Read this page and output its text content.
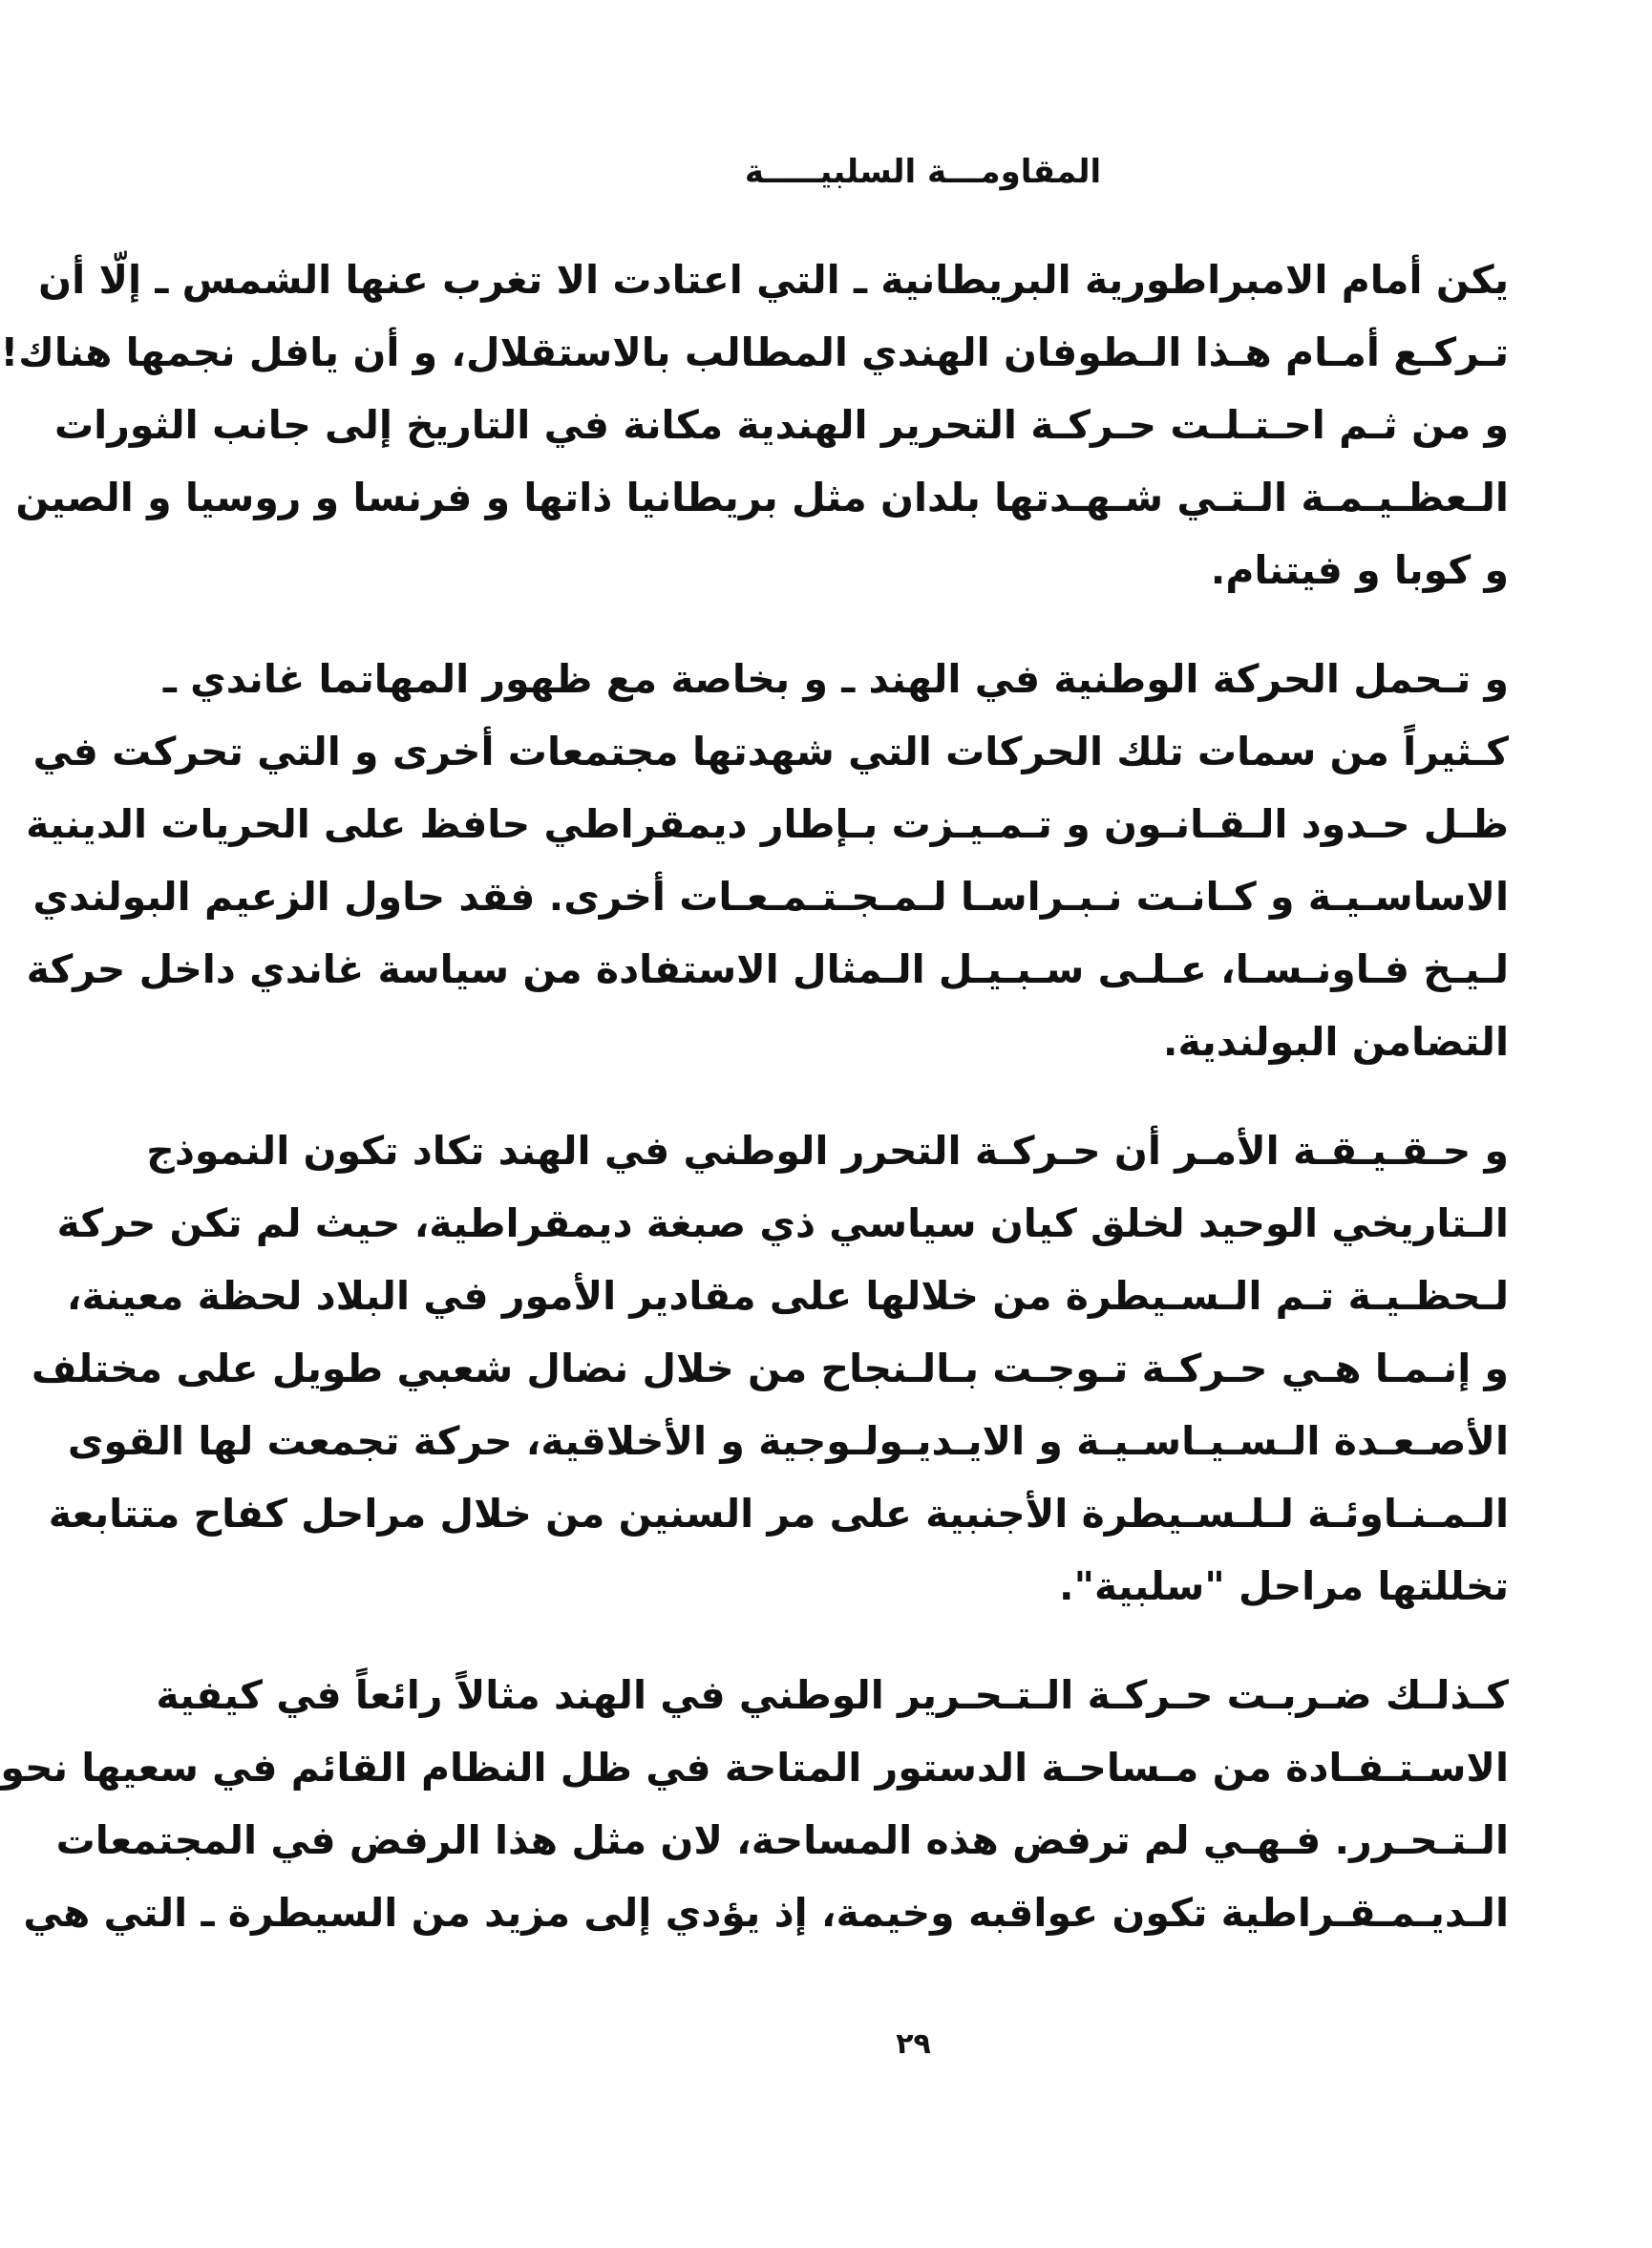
المقاومـــة السلبيـــــة
يكن أمام الامبراطورية البريطانية ـ التي اعتادت الا تغرب عنها الشمس ـ إلّا أن
تـركـع أمـام هـذا الـطوفان الهندي المطالب بالاستقلال، و أن يافل نجمها هناك!
و من ثـم احـتـلـت حـركـة التحرير الهندية مكانة في التاريخ إلى جانب الثورات
الـعظـيـمـة الـتـي شـهـدتها بلدان مثل بريطانيا ذاتها و فرنسا و روسيا و الصين
و كوبا و فيتنام.
و تـحمل الحركة الوطنية في الهند ـ و بخاصة مع ظهور المهاتما غاندي ـ
كـثيراً من سمات تلك الحركات التي شهدتها مجتمعات أخرى و التي تحركت في
ظـل حـدود الـقـانـون و تـمـيـزت بـإطار ديمقراطي حافظ على الحريات الدينية
الاساسـيـة و كـانـت نـبـراسـا لـمـجـتـمـعـات أخرى. فقد حاول الزعيم البولندي
لـيـخ فـاونـسـا، عـلـى سـبـيـل الـمثال الاستفادة من سياسة غاندي داخل حركة
التضامن البولندية.
و حـقـيـقـة الأمـر أن حـركـة التحرر الوطني في الهند تكاد تكون النموذج
الـتاريخي الوحيد لخلق كيان سياسي ذي صبغة ديمقراطية، حيث لم تكن حركة
لـحظـيـة تـم الـسـيطرة من خلالها على مقادير الأمور في البلاد لحظة معينة،
و إنـمـا هـي حـركـة تـوجـت بـالـنجاح من خلال نضال شعبي طويل على مختلف
الأصـعـدة الـسـيـاسـيـة و الايـديـولـوجية و الأخلاقية، حركة تجمعت لها القوى
الـمـنـاوئـة لـلـسـيطرة الأجنبية على مر السنين من خلال مراحل كفاح متتابعة
تخللتها مراحل "سلبية".
كـذلـك ضـربـت حـركـة الـتـحـرير الوطني في الهند مثالاً رائعاً في كيفية
الاسـتـفـادة من مـساحـة الدستور المتاحة في ظل النظام القائم في سعيها نحو
الـتـحـرر. فـهـي لم ترفض هذه المساحة، لان مثل هذا الرفض في المجتمعات
الـديـمـقـراطية تكون عواقبه وخيمة، إذ يؤدي إلى مزيد من السيطرة ـ التي هي
٢٩
